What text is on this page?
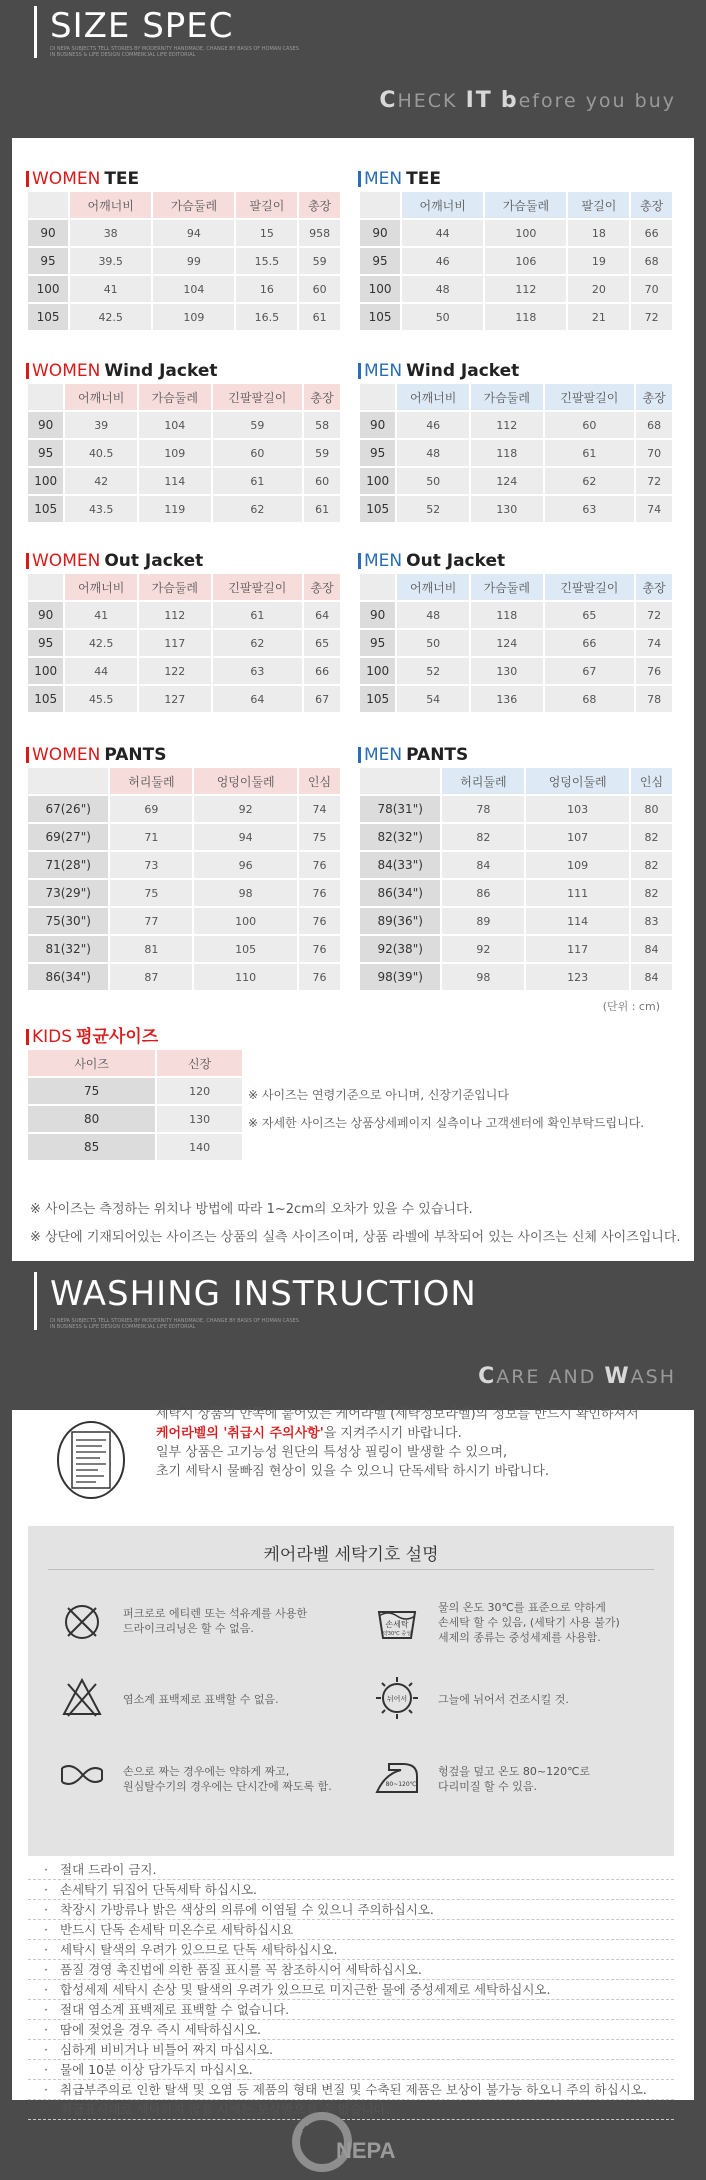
SIZE SPEC
DI NEPA SUBJECTS TELL STORIES BY MODERNITY HANDMADE, CHANGE BY BASIS OF HOMAN CASES IN BUSINESS & LIFE DESIGN COMMERCIAL LIFE EDITORIAL
CHECK IT before you buy
WOMEN TEE
	어깨너비	가슴둘레	팔길이	총장
90	38	94	15	958
95	39.5	99	15.5	59
100	41	104	16	60
105	42.5	109	16.5	61
MEN TEE
	어깨너비	가슴둘레	팔길이	총장
90	44	100	18	66
95	46	106	19	68
100	48	112	20	70
105	50	118	21	72
WOMEN Wind Jacket
	어깨너비	가슴둘레	긴팔팔길이	총장
90	39	104	59	58
95	40.5	109	60	59
100	42	114	61	60
105	43.5	119	62	61
MEN Wind Jacket
	어깨너비	가슴둘레	긴팔팔길이	총장
90	46	112	60	68
95	48	118	61	70
100	50	124	62	72
105	52	130	63	74
WOMEN Out Jacket
	어깨너비	가슴둘레	긴팔팔길이	총장
90	41	112	61	64
95	42.5	117	62	65
100	44	122	63	66
105	45.5	127	64	67
MEN Out Jacket
	어깨너비	가슴둘레	긴팔팔길이	총장
90	48	118	65	72
95	50	124	66	74
100	52	130	67	76
105	54	136	68	78
WOMEN PANTS
	허리둘레	엉덩이둘레	인심
67(26")	69	92	74
69(27")	71	94	75
71(28")	73	96	76
73(29")	75	98	76
75(30")	77	100	76
81(32")	81	105	76
86(34")	87	110	76
MEN PANTS
	허리둘레	엉덩이둘레	인심
78(31")	78	103	80
82(32")	82	107	82
84(33")	84	109	82
86(34")	86	111	82
89(36")	89	114	83
92(38")	92	117	84
98(39")	98	123	84
(단위 : cm)
KIDS 평균사이즈
사이즈	신장
75	120
80	130
85	140
※ 사이즈는 연령기준으로 아니며, 신장기준입니다
※ 자세한 사이즈는 상품상세페이지 실측이나 고객센터에 확인부탁드립니다.
※ 사이즈는 측정하는 위치나 방법에 따라 1~2cm의 오차가 있을 수 있습니다.
※ 상단에 기재되어있는 사이즈는 상품의 실측 사이즈이며, 상품 라벨에 부착되어 있는 사이즈는 신체 사이즈입니다.
WASHING INSTRUCTION
DI NEPA SUBJECTS TELL STORIES BY MODERNITY HANDMADE, CHANGE BY BASIS OF HOMAN CASES IN BUSINESS & LIFE DESIGN COMMERCIAL LIFE EDITORIAL
CARE AND WASH
세탁시 상품의 안쪽에 붙어있는 케어라벨 (세탁정보라벨)의 정보를 반드시 확인하셔서
케어라벨의 '취급시 주의사항'을 지켜주시기 바랍니다.
일부 상품은 고기능성 원단의 특성상 필링이 발생할 수 있으며,
초기 세탁시 물빠짐 현상이 있을 수 있으니 단독세탁 하시기 바랍니다.
케어라벨 세탁기호 설명
퍼크로로 에티렌 또는 석유계를 사용한
드라이크리닝은 할 수 없음.	손세탁
약30℃ 중성
물의 온도 30℃를 표준으로 약하게
손세탁 할 수 있음, (세탁기 사용 불가)
세제의 종류는 중성세제를 사용함.
염소계 표백제로 표백할 수 없음.	뉘어서	그늘에 뉘어서 건조시킬 것.
손으로 짜는 경우에는 약하게 짜고,
원심탈수기의 경우에는 단시간에 짜도록 함.	80~120℃
헝겊을 덮고 온도 80~120℃로
다리미질 할 수 있음.
· 절대 드라이 금지.
· 손세탁기 뒤집어 단독세탁 하십시오.
· 착장시 가방류나 밝은 색상의 의류에 이염될 수 있으니 주의하십시오.
· 반드시 단독 손세탁 미온수로 세탁하십시요
· 세탁시 탈색의 우려가 있으므로 단독 세탁하십시오.
· 품질 경영 촉진법에 의한 품질 표시를 꼭 참조하시어 세탁하십시오.
· 합성세제 세탁시 손상 및 탈색의 우려가 있으므로 미지근한 물에 중성세제로 세탁하십시오.
· 절대 염소계 표백제로 표백할 수 없습니다.
· 땀에 젖었을 경우 즉시 세탁하십시오.
· 심하게 비비거나 비틀어 짜지 마십시오.
· 물에 10분 이상 담가두지 마십시오.
· 취급부주의로 인한 탈색 및 오염 등 제품의 형태 변질 및 수축된 제품은 보상이 불가능 하오니 주의 하십시오.
· 취급표시대로 세탁하지 않을 시에는 보상받으실 수 없습니다.
NEPA
